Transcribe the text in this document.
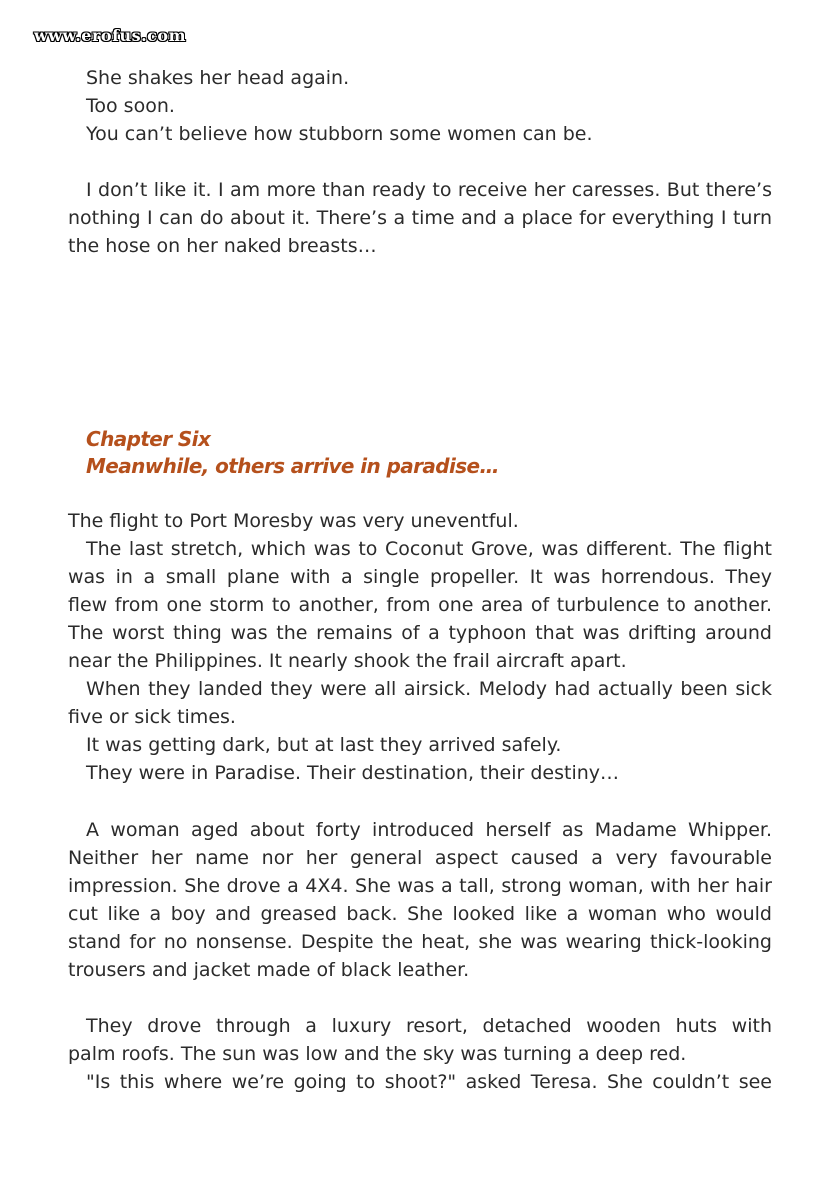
www.erofus.com
She shakes her head again.
Too soon.
You can’t believe how stubborn some women can be.
I don’t like it. I am more than ready to receive her caresses. But there’s
nothing I can do about it. There’s a time and a place for everything I turn
the hose on her naked breasts…
Chapter Six
Meanwhile, others arrive in paradise…
The flight to Port Moresby was very uneventful.
The last stretch, which was to Coconut Grove, was different. The flight
was in a small plane with a single propeller. It was horrendous. They
flew from one storm to another, from one area of turbulence to another.
The worst thing was the remains of a typhoon that was drifting around
near the Philippines. It nearly shook the frail aircraft apart.
When they landed they were all airsick. Melody had actually been sick
five or sick times.
It was getting dark, but at last they arrived safely.
They were in Paradise. Their destination, their destiny…
A woman aged about forty introduced herself as Madame Whipper.
Neither her name nor her general aspect caused a very favourable
impression. She drove a 4X4. She was a tall, strong woman, with her hair
cut like a boy and greased back. She looked like a woman who would
stand for no nonsense. Despite the heat, she was wearing thick-looking
trousers and jacket made of black leather.
They drove through a luxury resort, detached wooden huts with
palm roofs. The sun was low and the sky was turning a deep red.
"Is this where we’re going to shoot?" asked Teresa. She couldn’t see
